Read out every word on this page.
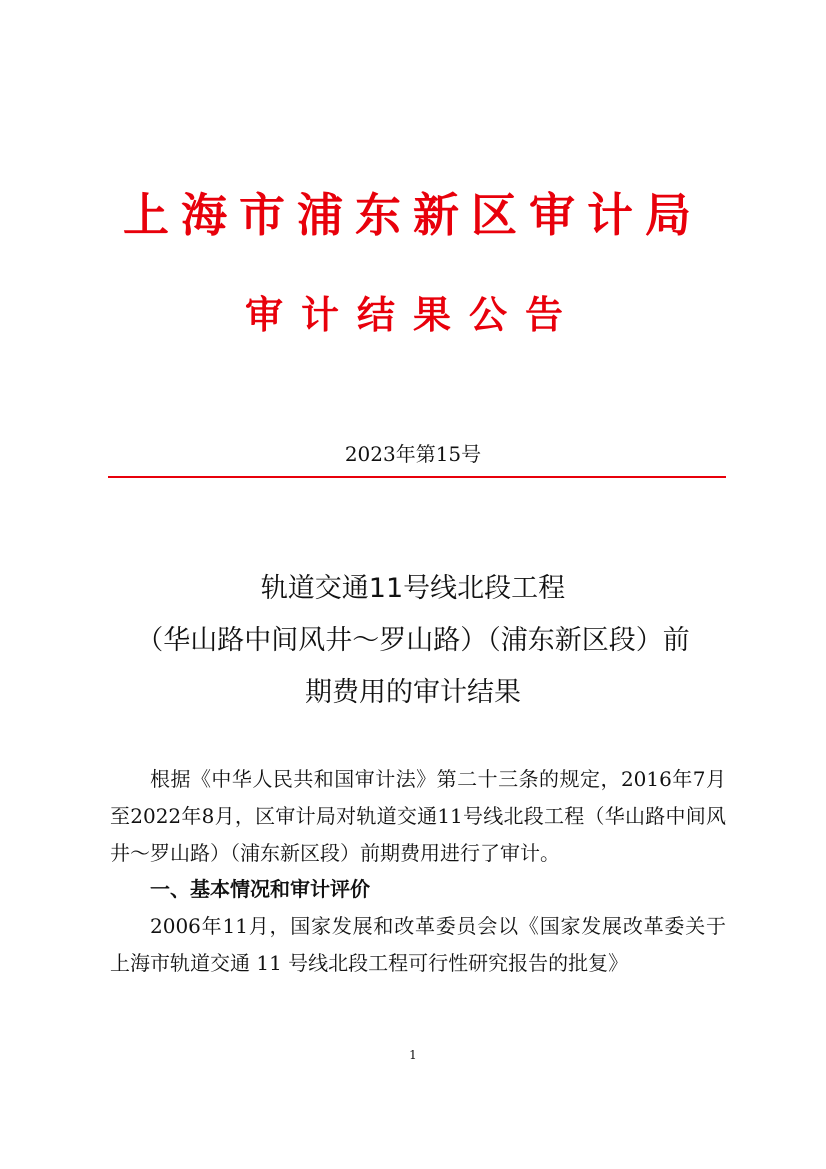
上海市浦东新区审计局
审计结果公告
2023年第15号
轨道交通11号线北段工程
（华山路中间风井～罗山路）（浦东新区段）前
期费用的审计结果

根据《中华人民共和国审计法》第二十三条的规定，2016年7月至2022年8月，区审计局对轨道交通11号线北段工程（华山路中间风井～罗山路）（浦东新区段）前期费用进行了审计。

一、基本情况和审计评价

2006年11月，国家发展和改革委员会以《国家发展改革委关于上海市轨道交通 11 号线北段工程可行性研究报告的批复》

1
